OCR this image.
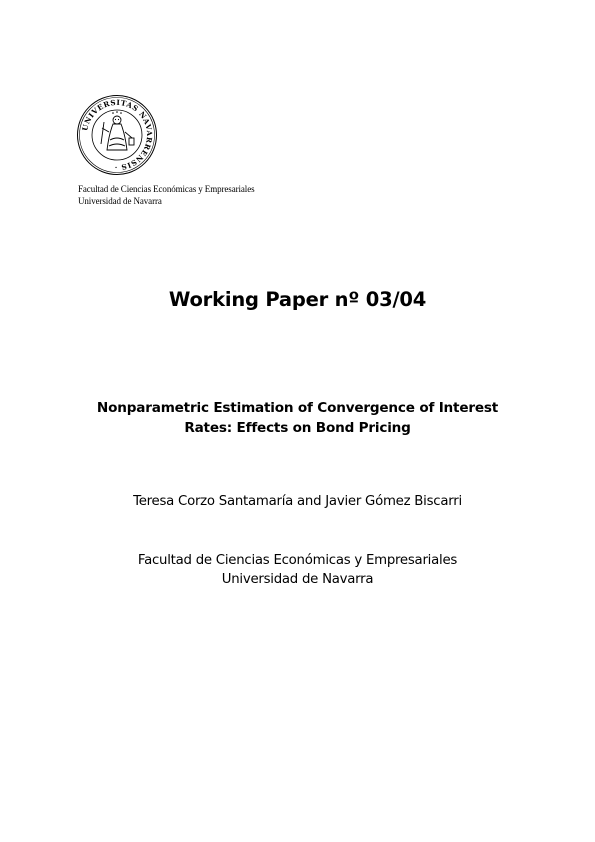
UNIVERSITAS NAVARRENSIS ·
Facultad de Ciencias Económicas y Empresariales
Universidad de Navarra
Working Paper nº 03/04
Nonparametric Estimation of Convergence of Interest
Rates: Effects on Bond Pricing
Teresa Corzo Santamaría and Javier Gómez Biscarri
Facultad de Ciencias Económicas y Empresariales
Universidad de Navarra
